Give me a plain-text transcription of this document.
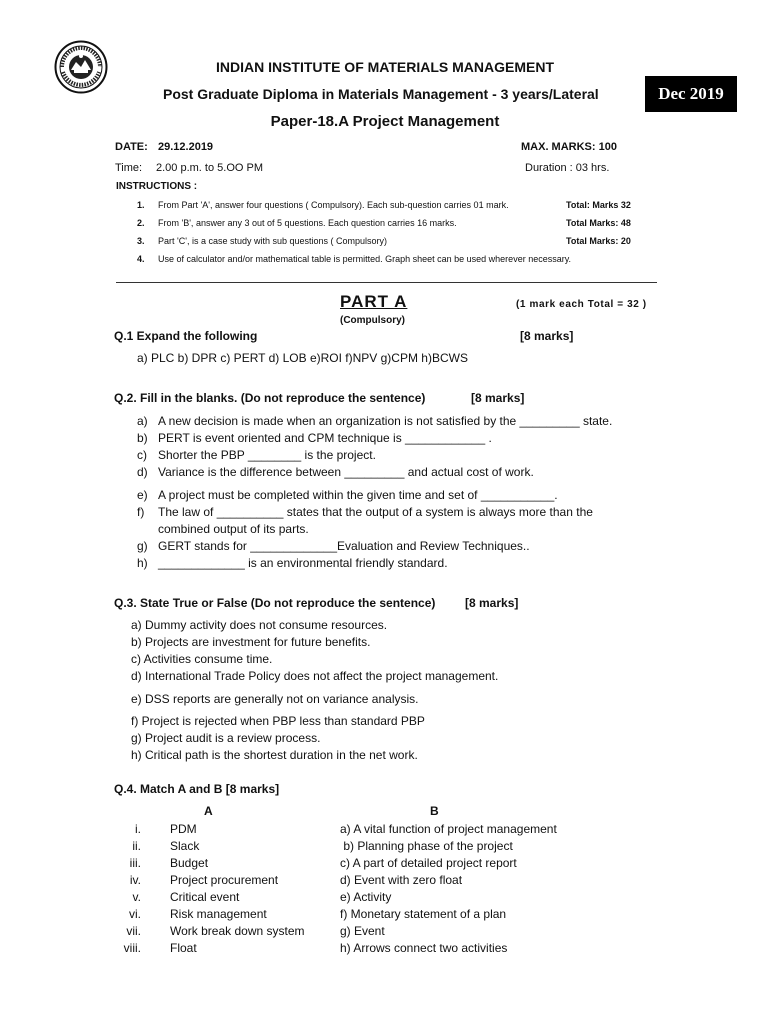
INDIAN INSTITUTE OF MATERIALS MANAGEMENT
Post Graduate Diploma in Materials Management - 3 years/Lateral	Dec 2019
Paper-18.A Project Management
DATE: 29.12.2019	MAX. MARKS: 100
Time: 2.00 p.m. to 5.OO PM	Duration : 03 hrs.
INSTRUCTIONS :
1. From Part 'A', answer four questions ( Compulsory). Each sub-question carries 01 mark.	Total: Marks 32
2. From 'B', answer any 3 out of 5 questions. Each question carries 16 marks.	Total Marks: 48
3. Part 'C', is a case study with sub questions ( Compulsory)	Total Marks: 20
4. Use of calculator and/or mathematical table is permitted. Graph sheet can be used wherever necessary.
PART A	(1 mark each Total = 32 )
(Compulsory)
Q.1 Expand the following	[8 marks]
a) PLC b) DPR c) PERT d) LOB e)ROI f)NPV g)CPM h)BCWS
Q.2. Fill in the blanks. (Do not reproduce the sentence)	[8 marks]
a) A new decision is made when an organization is not satisfied by the _________ state.
b) PERT is event oriented and CPM technique is ____________ .
c) Shorter the PBP ________ is the project.
d) Variance is the difference between _________ and actual cost of work.
e) A project must be completed within the given time and set of ___________.
f) The law of __________ states that the output of a system is always more than the
combined output of its parts.
g) GERT stands for _____________Evaluation and Review Techniques..
h) _____________ is an environmental friendly standard.
Q.3. State True or False (Do not reproduce the sentence) [8 marks]
a) Dummy activity does not consume resources.
b) Projects are investment for future benefits.
c) Activities consume time.
d) International Trade Policy does not affect the project management.
e) DSS reports are generally not on variance analysis.
f) Project is rejected when PBP less than standard PBP
g) Project audit is a review process.
h) Critical path is the shortest duration in the net work.
Q.4. Match A and B [8 marks]
A	B
i. PDM	a) A vital function of project management
ii. Slack	b) Planning phase of the project
iii. Budget	c) A part of detailed project report
iv. Project procurement	d) Event with zero float
v. Critical event	e) Activity
vi. Risk management	f) Monetary statement of a plan
vii. Work break down system	g) Event
viii. Float	h) Arrows connect two activities
